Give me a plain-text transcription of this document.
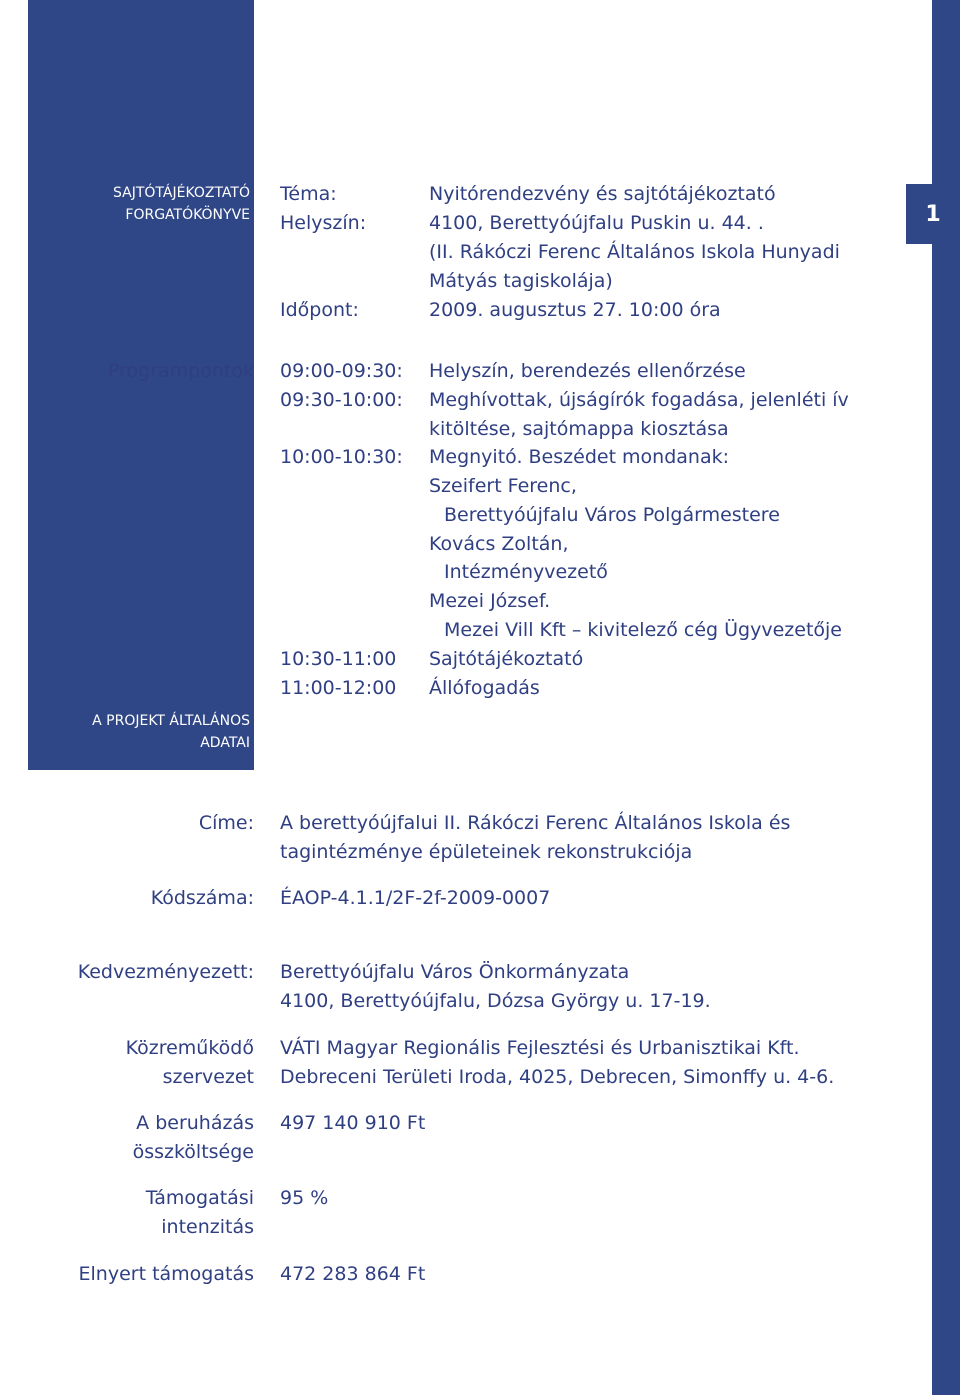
1
SAJTÓTÁJÉKOZTATÓ
FORGATÓKÖNYVE
A PROJEKT ÁLTALÁNOS
ADATAI
Téma:	Nyitórendezvény és sajtótájékoztató
Helyszín:	4100, Berettyóújfalu Puskin u. 44. .
(II. Rákóczi Ferenc Általános Iskola Hunyadi
Mátyás tagiskolája)
Időpont:	2009. augusztus 27. 10:00 óra
Programpontok 09:00-09:30: Helyszín, berendezés ellenőrzése
09:30-10:00: Meghívottak, újságírók fogadása, jelenléti ív
kitöltése, sajtómappa kiosztása
10:00-10:30: Megnyitó. Beszédet mondanak:
Szeifert Ferenc,
Berettyóújfalu Város Polgármestere
Kovács Zoltán,
Intézményvezető
Mezei József.
Mezei Vill Kft – kivitelező cég Ügyvezetője
10:30-11:00 Sajtótájékoztató
11:00-12:00 Állófogadás
Címe: A berettyóújfalui II. Rákóczi Ferenc Általános Iskola és
tagintézménye épületeinek rekonstrukciója
Kódszáma: ÉAOP-4.1.1/2F-2f-2009-0007
Kedvezményezett: Berettyóújfalu Város Önkormányzata
4100, Berettyóújfalu, Dózsa György u. 17-19.
Közreműködő
szervezet
VÁTI Magyar Regionális Fejlesztési és Urbanisztikai Kft.
Debreceni Területi Iroda, 4025, Debrecen, Simonffy u. 4-6.
A beruházás
összköltsége
497 140 910 Ft
Támogatási
intenzitás
95 %
Elnyert támogatás 472 283 864 Ft
